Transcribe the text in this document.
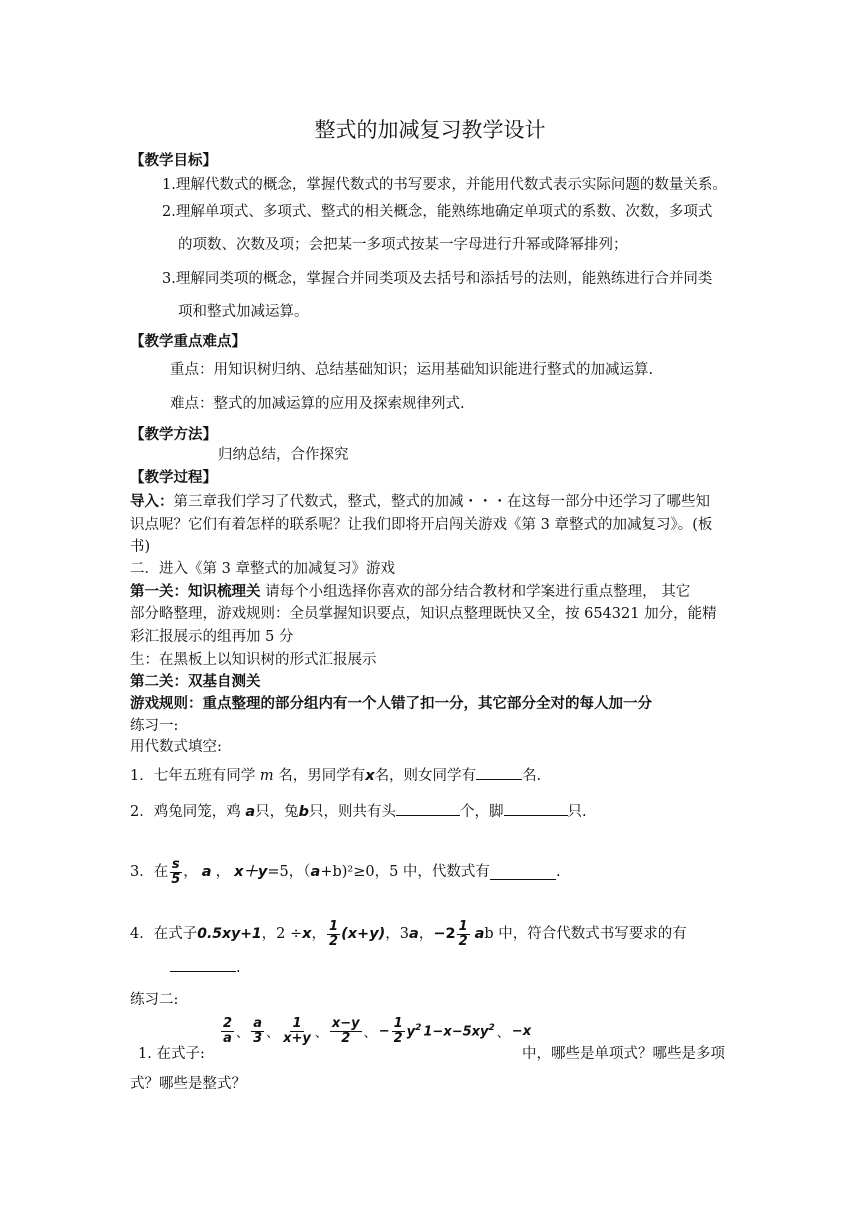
整式的加减复习教学设计
【教学目标】
1.理解代数式的概念，掌握代数式的书写要求，并能用代数式表示实际问题的数量关系。
2.理解单项式、多项式、整式的相关概念，能熟练地确定单项式的系数、次数，多项式
的项数、次数及项；会把某一多项式按某一字母进行升幂或降幂排列；
3.理解同类项的概念，掌握合并同类项及去括号和添括号的法则，能熟练进行合并同类
项和整式加减运算。
【教学重点难点】
重点：用知识树归纳、总结基础知识；运用基础知识能进行整式的加减运算.
难点：整式的加减运算的应用及探索规律列式.
【教学方法】
归纳总结，合作探究
【教学过程】
导入：第三章我们学习了代数式，整式，整式的加减・・・在这每一部分中还学习了哪些知
识点呢？它们有着怎样的联系呢？让我们即将开启闯关游戏《第 3 章整式的加减复习》。(板
书)
二．进入《第 3 章整式的加减复习》游戏
第一关：知识梳理关 请每个小组选择你喜欢的部分结合教材和学案进行重点整理， 其它
部分略整理，游戏规则：全员掌握知识要点，知识点整理既快又全，按 654321 加分，能精
彩汇报展示的组再加 5 分
生：在黑板上以知识树的形式汇报展示
第二关：双基自测关
游戏规则：重点整理的部分组内有一个人错了扣一分，其它部分全对的每人加一分
练习一:
用代数式填空:
1．七年五班有同学 m 名，男同学有x名，则女同学有	名.
2．鸡兔同笼，鸡 a只，兔b只，则共有头	个，脚	只.
3．在 $\frac{s}{5}$ ， a ， x＋y =5，（ a +b)²≥0，5 中，代数式有	.
4．在式子 0.5xy+1 ，2 ÷ x ， $\frac{1}{2} (x+y)$ ，3 a ， $-2 \frac{1}{2}$ a b 中，符合代数式书写要求的有
.
练习二:
$\frac{2}{a}$ 、 $\frac{a}{3}$ 、 $\frac{1}{x+y}$ 、 $\frac{x-y}{2}$ 、 − $\frac{1}{2} y^2$ $1-x-5xy^2$ 、 −x
1. 在式子:	中，哪些是单项式？哪些是多项
式？哪些是整式？
